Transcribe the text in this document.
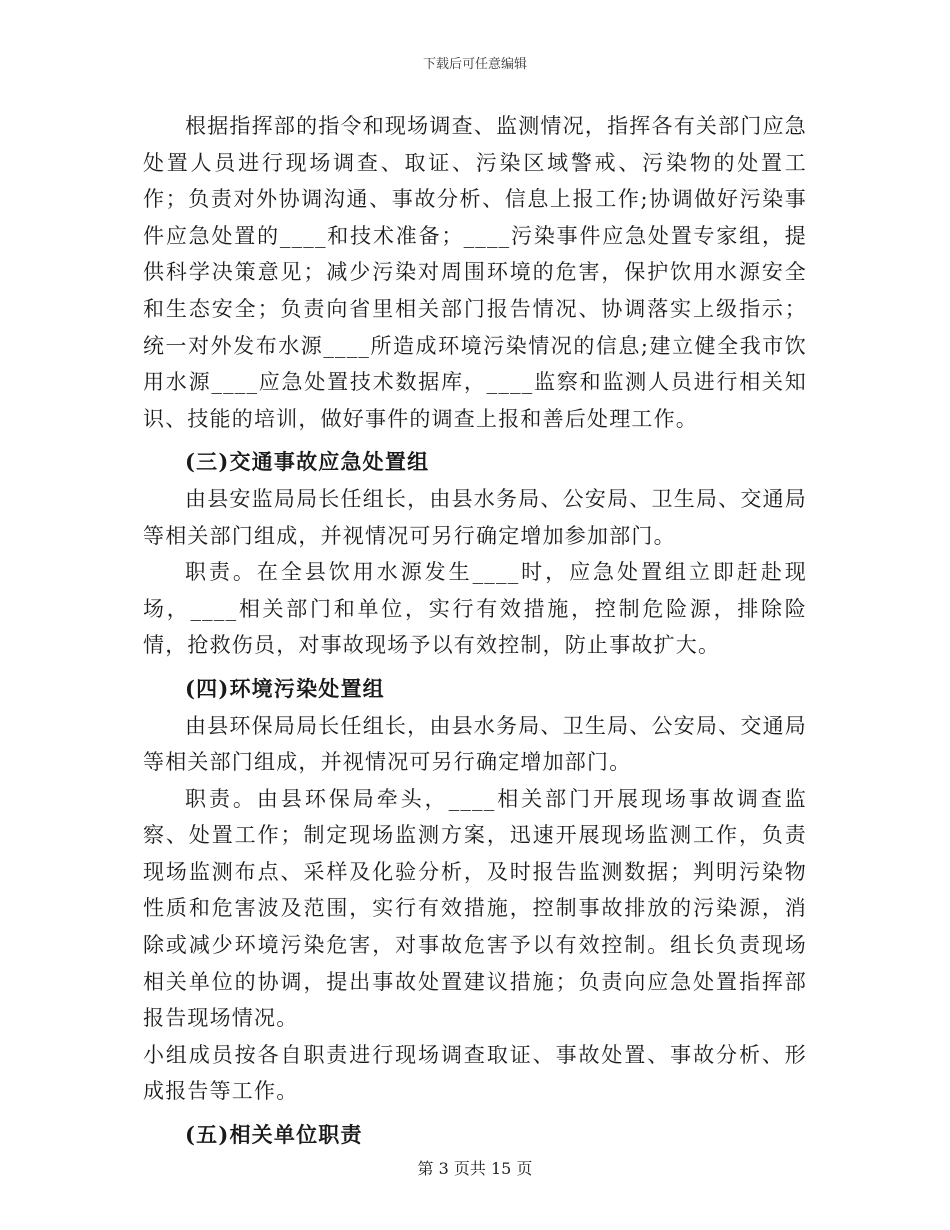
下载后可任意编辑

根据指挥部的指令和现场调查、监测情况，指挥各有关部门应急处置人员进行现场调查、取证、污染区域警戒、污染物的处置工作；负责对外协调沟通、事故分析、信息上报工作;协调做好污染事件应急处置的____和技术准备；____污染事件应急处置专家组，提供科学决策意见；减少污染对周围环境的危害，保护饮用水源安全和生态安全；负责向省里相关部门报告情况、协调落实上级指示；统一对外发布水源____所造成环境污染情况的信息;建立健全我市饮用水源____应急处置技术数据库，____监察和监测人员进行相关知识、技能的培训，做好事件的调查上报和善后处理工作。

(三)交通事故应急处置组

由县安监局局长任组长，由县水务局、公安局、卫生局、交通局等相关部门组成，并视情况可另行确定增加参加部门。

职责。在全县饮用水源发生____时，应急处置组立即赶赴现场，____相关部门和单位，实行有效措施，控制危险源，排除险情，抢救伤员，对事故现场予以有效控制，防止事故扩大。

(四)环境污染处置组

由县环保局局长任组长，由县水务局、卫生局、公安局、交通局等相关部门组成，并视情况可另行确定增加部门。

职责。由县环保局牵头，____相关部门开展现场事故调查监察、处置工作；制定现场监测方案，迅速开展现场监测工作，负责现场监测布点、采样及化验分析，及时报告监测数据；判明污染物性质和危害波及范围，实行有效措施，控制事故排放的污染源，消除或减少环境污染危害，对事故危害予以有效控制。组长负责现场相关单位的协调，提出事故处置建议措施；负责向应急处置指挥部报告现场情况。

小组成员按各自职责进行现场调查取证、事故处置、事故分析、形成报告等工作。

(五)相关单位职责
第 3 页共 15 页
